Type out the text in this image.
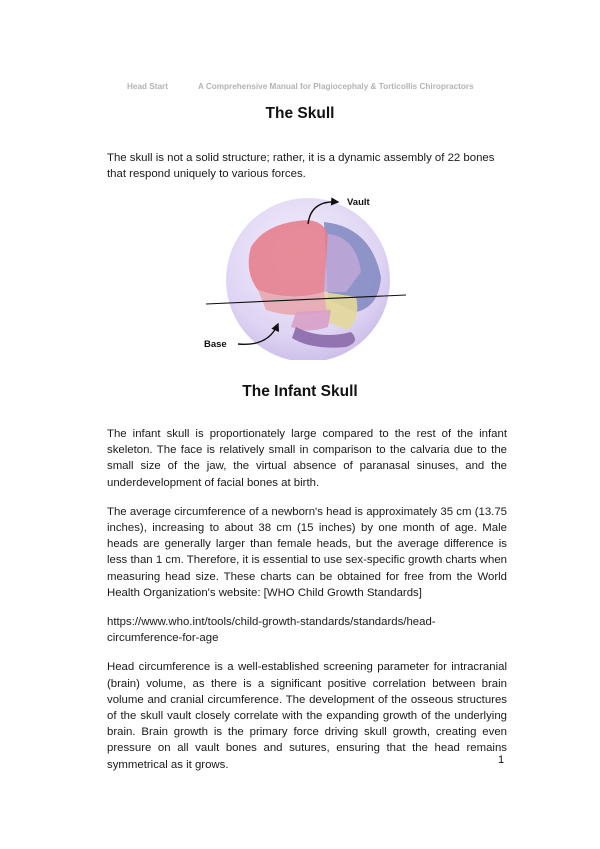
Head Start	A Comprehensive Manual for Plagiocephaly & Torticollis Chiropractors
The Skull

The skull is not a solid structure; rather, it is a dynamic assembly of 22 bones that respond uniquely to various forces.

Vault
Base
The Infant Skull

The infant skull is proportionately large compared to the rest of the infant skeleton. The face is relatively small in comparison to the calvaria due to the small size of the jaw, the virtual absence of paranasal sinuses, and the underdevelopment of facial bones at birth.

The average circumference of a newborn's head is approximately 35 cm (13.75 inches), increasing to about 38 cm (15 inches) by one month of age. Male heads are generally larger than female heads, but the average difference is less than 1 cm. Therefore, it is essential to use sex-specific growth charts when measuring head size. These charts can be obtained for free from the World Health Organization's website: [WHO Child Growth Standards]

https://www.who.int/tools/child-growth-standards/standards/head-circumference-for-age

Head circumference is a well-established screening parameter for intracranial (brain) volume, as there is a significant positive correlation between brain volume and cranial circumference. The development of the osseous structures of the skull vault closely correlate with the expanding growth of the underlying brain. Brain growth is the primary force driving skull growth, creating even pressure on all vault bones and sutures, ensuring that the head remains symmetrical as it grows.	1
